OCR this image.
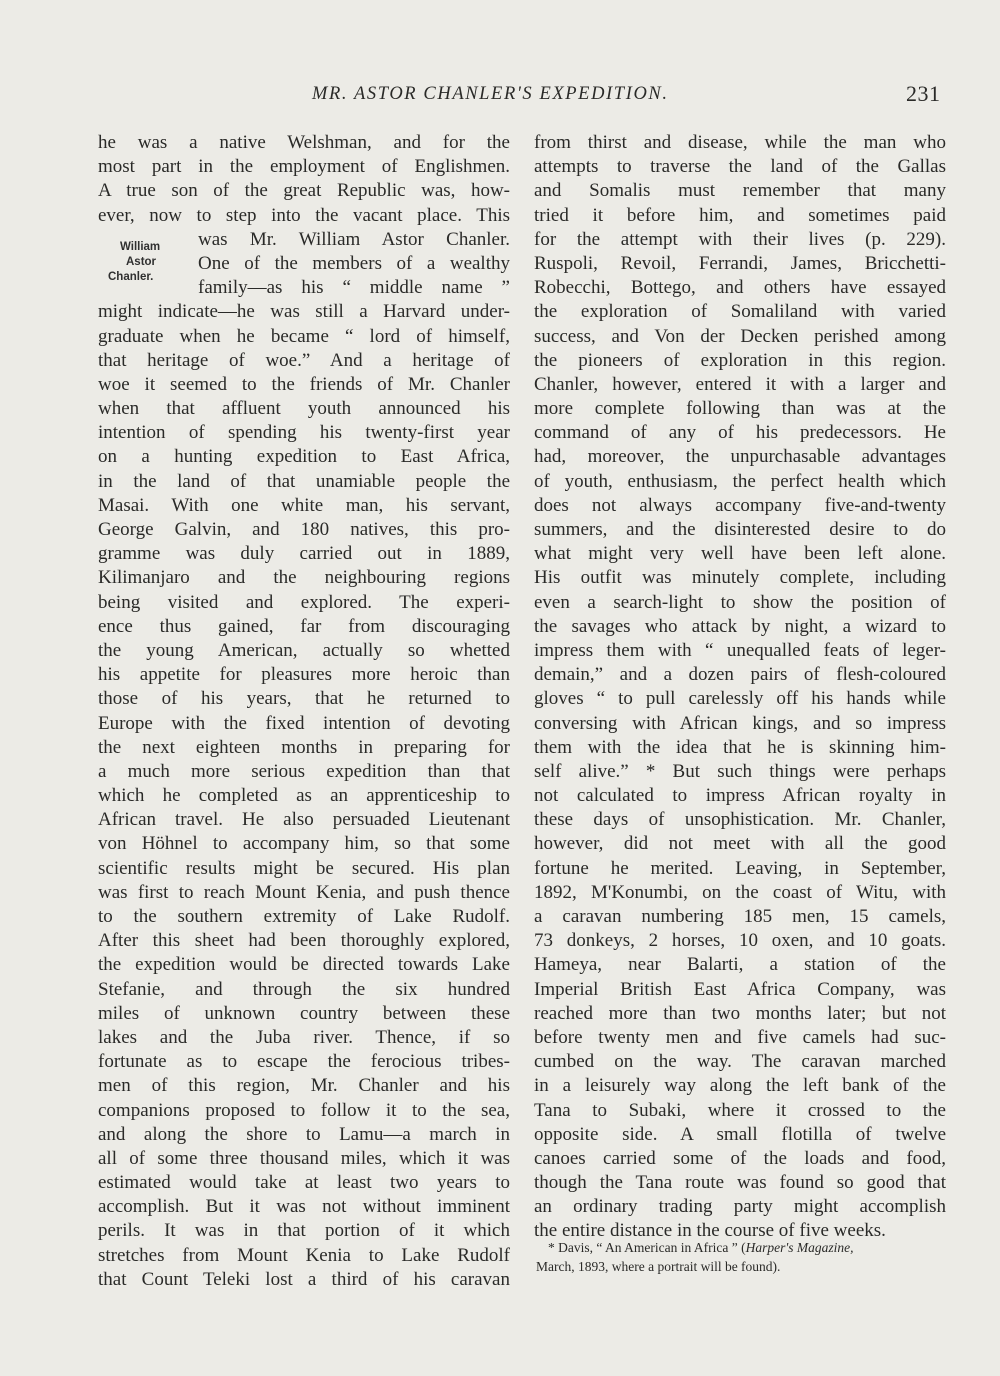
MR. ASTOR CHANLER'S EXPEDITION.	231
he was a native Welshman, and for the
most part in the employment of Englishmen.
A true son of the great Republic was, how-
ever, now to step into the vacant place. This
was Mr. William Astor Chanler.
One of the members of a wealthy
family—as his “ middle name ”
might indicate—he was still a Harvard under-
graduate when he became “ lord of himself,
that heritage of woe.” And a heritage of
woe it seemed to the friends of Mr. Chanler
when that affluent youth announced his
intention of spending his twenty-first year
on a hunting expedition to East Africa,
in the land of that unamiable people the
Masai. With one white man, his servant,
George Galvin, and 180 natives, this pro-
gramme was duly carried out in 1889,
Kilimanjaro and the neighbouring regions
being visited and explored. The experi-
ence thus gained, far from discouraging
the young American, actually so whetted
his appetite for pleasures more heroic than
those of his years, that he returned to
Europe with the fixed intention of devoting
the next eighteen months in preparing for
a much more serious expedition than that
which he completed as an apprenticeship to
African travel. He also persuaded Lieutenant
von Höhnel to accompany him, so that some
scientific results might be secured. His plan
was first to reach Mount Kenia, and push thence
to the southern extremity of Lake Rudolf.
After this sheet had been thoroughly explored,
the expedition would be directed towards Lake
Stefanie, and through the six hundred
miles of unknown country between these
lakes and the Juba river. Thence, if so
fortunate as to escape the ferocious tribes-
men of this region, Mr. Chanler and his
companions proposed to follow it to the sea,
and along the shore to Lamu—a march in
all of some three thousand miles, which it was
estimated would take at least two years to
accomplish. But it was not without imminent
perils. It was in that portion of it which
stretches from Mount Kenia to Lake Rudolf
that Count Teleki lost a third of his caravan
from thirst and disease, while the man who
attempts to traverse the land of the Gallas
and Somalis must remember that many
tried it before him, and sometimes paid
for the attempt with their lives (p. 229).
Ruspoli, Revoil, Ferrandi, James, Bricchetti-
Robecchi, Bottego, and others have essayed
the exploration of Somaliland with varied
success, and Von der Decken perished among
the pioneers of exploration in this region.
Chanler, however, entered it with a larger and
more complete following than was at the
command of any of his predecessors. He
had, moreover, the unpurchasable advantages
of youth, enthusiasm, the perfect health which
does not always accompany five-and-twenty
summers, and the disinterested desire to do
what might very well have been left alone.
His outfit was minutely complete, including
even a search-light to show the position of
the savages who attack by night, a wizard to
impress them with “ unequalled feats of leger-
demain,” and a dozen pairs of flesh-coloured
gloves “ to pull carelessly off his hands while
conversing with African kings, and so impress
them with the idea that he is skinning him-
self alive.” * But such things were perhaps
not calculated to impress African royalty in
these days of unsophistication. Mr. Chanler,
however, did not meet with all the good
fortune he merited. Leaving, in September,
1892, M'Konumbi, on the coast of Witu, with
a caravan numbering 185 men, 15 camels,
73 donkeys, 2 horses, 10 oxen, and 10 goats.
Hameya, near Balarti, a station of the
Imperial British East Africa Company, was
reached more than two months later; but not
before twenty men and five camels had suc-
cumbed on the way. The caravan marched
in a leisurely way along the left bank of the
Tana to Subaki, where it crossed to the
opposite side. A small flotilla of twelve
canoes carried some of the loads and food,
though the Tana route was found so good that
an ordinary trading party might accomplish
the entire distance in the course of five weeks.
William
Astor
Chanler.
* Davis, “ An American in Africa ” (Harper's Magazine,
March, 1893, where a portrait will be found).
